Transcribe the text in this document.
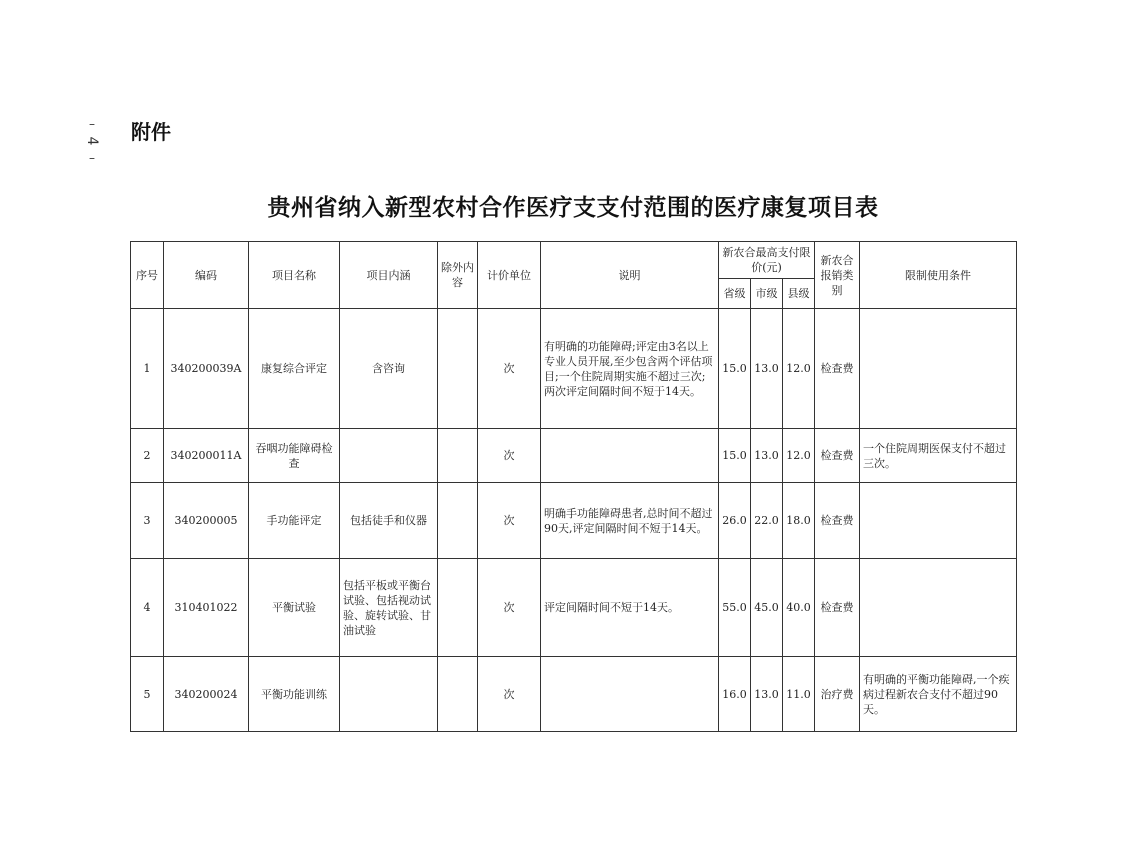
–
4
–
附件
贵州省纳入新型农村合作医疗支支付范围的医疗康复项目表
序号	编码	项目名称	项目内涵	除外内容	计价单位	说明	新农合最高支付限价(元)			新农合报销类别	限制使用条件
							省级	市级	县级		
1	340200039A	康复综合评定	含咨询		次	有明确的功能障碍;评定由3名以上专业人员开展,至少包含两个评估项目;一个住院周期实施不超过三次;两次评定间隔时间不短于14天。	15.0	13.0	12.0	检查费	
2	340200011A	吞咽功能障碍检查			次		15.0	13.0	12.0	检查费	一个住院周期医保支付不超过三次。
3	340200005	手功能评定	包括徒手和仪器		次	明确手功能障碍患者,总时间不超过90天,评定间隔时间不短于14天。	26.0	22.0	18.0	检查费	
4	310401022	平衡试验	包括平板或平衡台试验、包括视动试验、旋转试验、甘油试验		次	评定间隔时间不短于14天。	55.0	45.0	40.0	检查费	
5	340200024	平衡功能训练			次		16.0	13.0	11.0	治疗费	有明确的平衡功能障碍,一个疾病过程新农合支付不超过90天。
